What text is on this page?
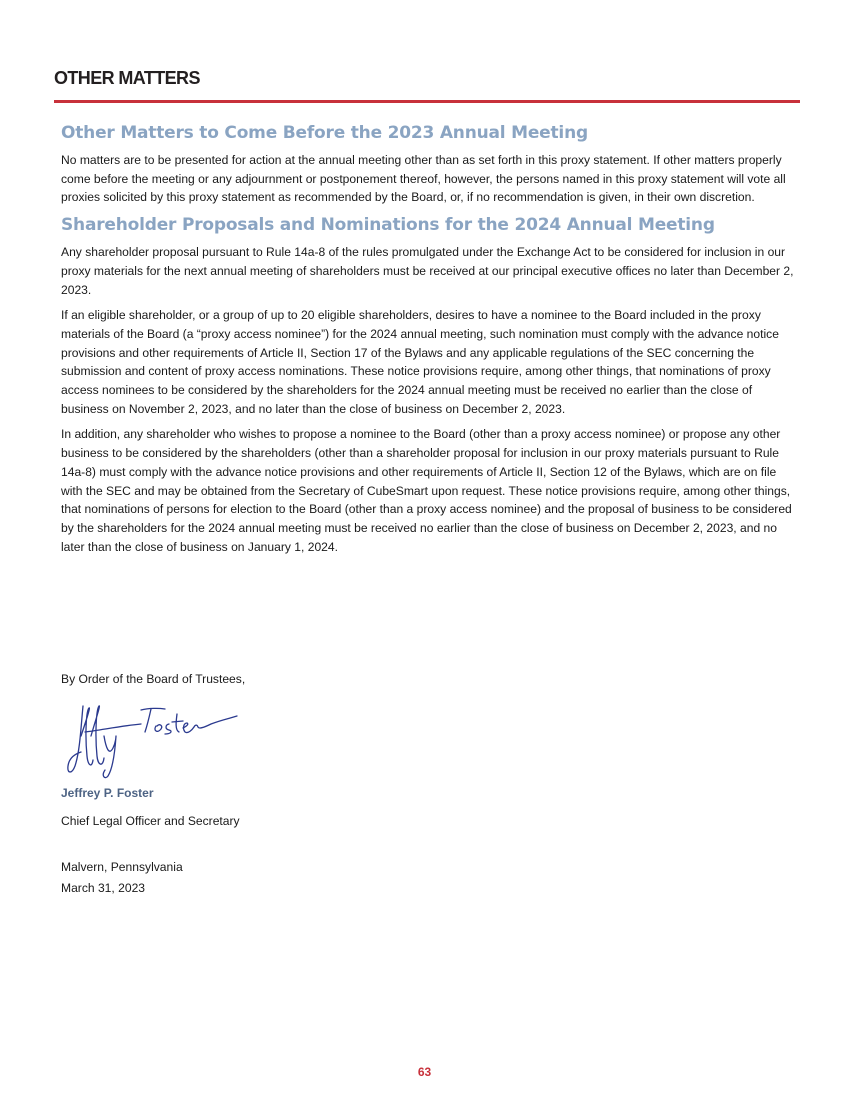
OTHER MATTERS
Other Matters to Come Before the 2023 Annual Meeting

No matters are to be presented for action at the annual meeting other than as set forth in this proxy statement. If other matters properly come before the meeting or any adjournment or postponement thereof, however, the persons named in this proxy statement will vote all proxies solicited by this proxy statement as recommended by the Board, or, if no recommendation is given, in their own discretion.

Shareholder Proposals and Nominations for the 2024 Annual Meeting

Any shareholder proposal pursuant to Rule 14a-8 of the rules promulgated under the Exchange Act to be considered for inclusion in our proxy materials for the next annual meeting of shareholders must be received at our principal executive offices no later than December 2, 2023.

If an eligible shareholder, or a group of up to 20 eligible shareholders, desires to have a nominee to the Board included in the proxy materials of the Board (a “proxy access nominee”) for the 2024 annual meeting, such nomination must comply with the advance notice provisions and other requirements of Article II, Section 17 of the Bylaws and any applicable regulations of the SEC concerning the submission and content of proxy access nominations. These notice provisions require, among other things, that nominations of proxy access nominees to be considered by the shareholders for the 2024 annual meeting must be received no earlier than the close of business on November 2, 2023, and no later than the close of business on December 2, 2023.

In addition, any shareholder who wishes to propose a nominee to the Board (other than a proxy access nominee) or propose any other business to be considered by the shareholders (other than a shareholder proposal for inclusion in our proxy materials pursuant to Rule 14a-8) must comply with the advance notice provisions and other requirements of Article II, Section 12 of the Bylaws, which are on file with the SEC and may be obtained from the Secretary of CubeSmart upon request. These notice provisions require, among other things, that nominations of persons for election to the Board (other than a proxy access nominee) and the proposal of business to be considered by the shareholders for the 2024 annual meeting must be received no earlier than the close of business on December 2, 2023, and no later than the close of business on January 1, 2024.

By Order of the Board of Trustees,
Jeffrey P. Foster
Chief Legal Officer and Secretary
Malvern, Pennsylvania
March 31, 2023
63
